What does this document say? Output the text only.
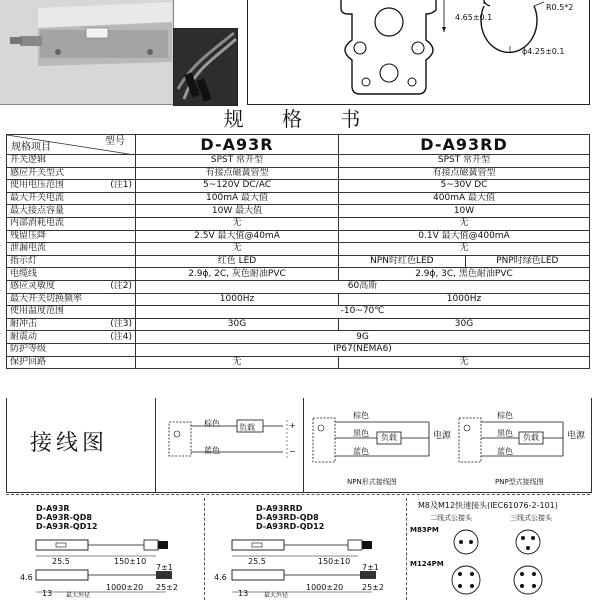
4.65±0.1
R0.5*2
ɸ4.25±0.1
规 格 书
规格项目
型号	D-A93R	D-A93RD	
开关逻辑	SPST 常开型	SPST 常开型	
感应开关型式	有接点磁簧管型	有接点磁簧管型	
使用电压范围 (注1)	5~120V DC/AC	5~30V DC	
最大开关电流	100mA 最大值	400mA 最大值	
最大接点容量	10W 最大值	10W	
内部消耗电流	无	无	
残留压降	2.5V 最大值@40mA	0.1V 最大值@400mA	
泄漏电流	无	无	
指示灯	红色 LED	NPN时红色LED	PNP时绿色LED
电缆线	2.9ɸ, 2C, 灰色耐油PVC	2.9ɸ, 3C, 黑色耐油PVC	
感应灵敏度 (注2)	60高斯		
最大开关切换频率	1000Hz	1000Hz	
使用温度范围	-10~70℃		
耐冲击 (注3)	30G	30G	
耐震动 (注4)	9G		
防护等级	IP67(NEMA6)		
保护回路	无	无	
棕色
蓝色
负载	+
−
棕色
黑色
蓝色
负载	电源
NPN形式接线图
棕色
黑色
蓝色
负载	电源
PNP型式接线图
接线图
D-A93R
D-A93R-QD8
D-A93R-QD12
25.5	150±10
4.6
13
1000±20
7±1
25±2
最大外径
D-A93RRD
D-A93RD-QD8
D-A93RD-QD12
25.5	150±10
4.6
13
1000±20
7±1
25±2
最大外径
M8及M12快速接头(IEC61076-2-101)
二线式公接头	三线式公接头
M83PM
M124PM
